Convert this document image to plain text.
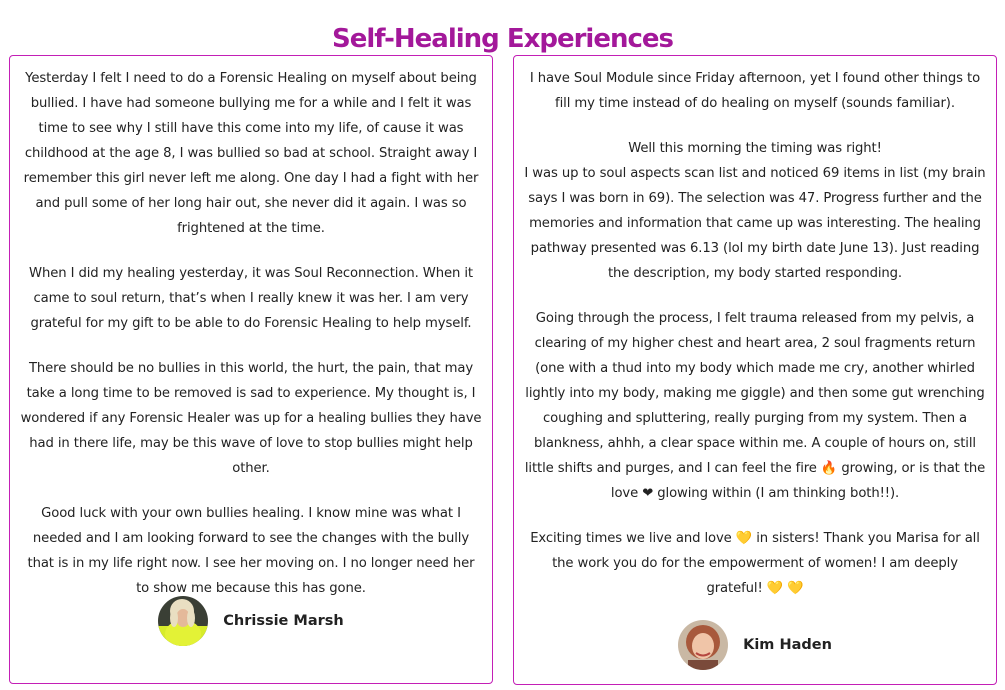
Self-Healing Experiences

Yesterday I felt I need to do a Forensic Healing on myself about being bullied. I have had someone bullying me for a while and I felt it was time to see why I still have this come into my life, of cause it was childhood at the age 8, I was bullied so bad at school. Straight away I remember this girl never left me along. One day I had a fight with her and pull some of her long hair out, she never did it again. I was so frightened at the time.

When I did my healing yesterday, it was Soul Reconnection. When it came to soul return, that’s when I really knew it was her. I am very grateful for my gift to be able to do Forensic Healing to help myself.

There should be no bullies in this world, the hurt, the pain, that may take a long time to be removed is sad to experience. My thought is, I wondered if any Forensic Healer was up for a healing bullies they have had in there life, may be this wave of love to stop bullies might help other.

Good luck with your own bullies healing. I know mine was what I needed and I am looking forward to see the changes with the bully that is in my life right now. I see her moving on. I no longer need her to show me because this has gone.

Chrissie Marsh

I have Soul Module since Friday afternoon, yet I found other things to fill my time instead of do healing on myself (sounds familiar).

Well this morning the timing was right!

I was up to soul aspects scan list and noticed 69 items in list (my brain says I was born in 69). The selection was 47. Progress further and the memories and information that came up was interesting. The healing pathway presented was 6.13 (lol my birth date June 13). Just reading the description, my body started responding.

Going through the process, I felt trauma released from my pelvis, a clearing of my higher chest and heart area, 2 soul fragments return (one with a thud into my body which made me cry, another whirled lightly into my body, making me giggle) and then some gut wrenching coughing and spluttering, really purging from my system. Then a blankness, ahhh, a clear space within me. A couple of hours on, still little shifts and purges, and I can feel the fire 🔥 growing, or is that the love ❤ glowing within (I am thinking both!!).

Exciting times we live and love 💛 in sisters! Thank you Marisa for all the work you do for the empowerment of women! I am deeply grateful! 💛 💛

Kim Haden
